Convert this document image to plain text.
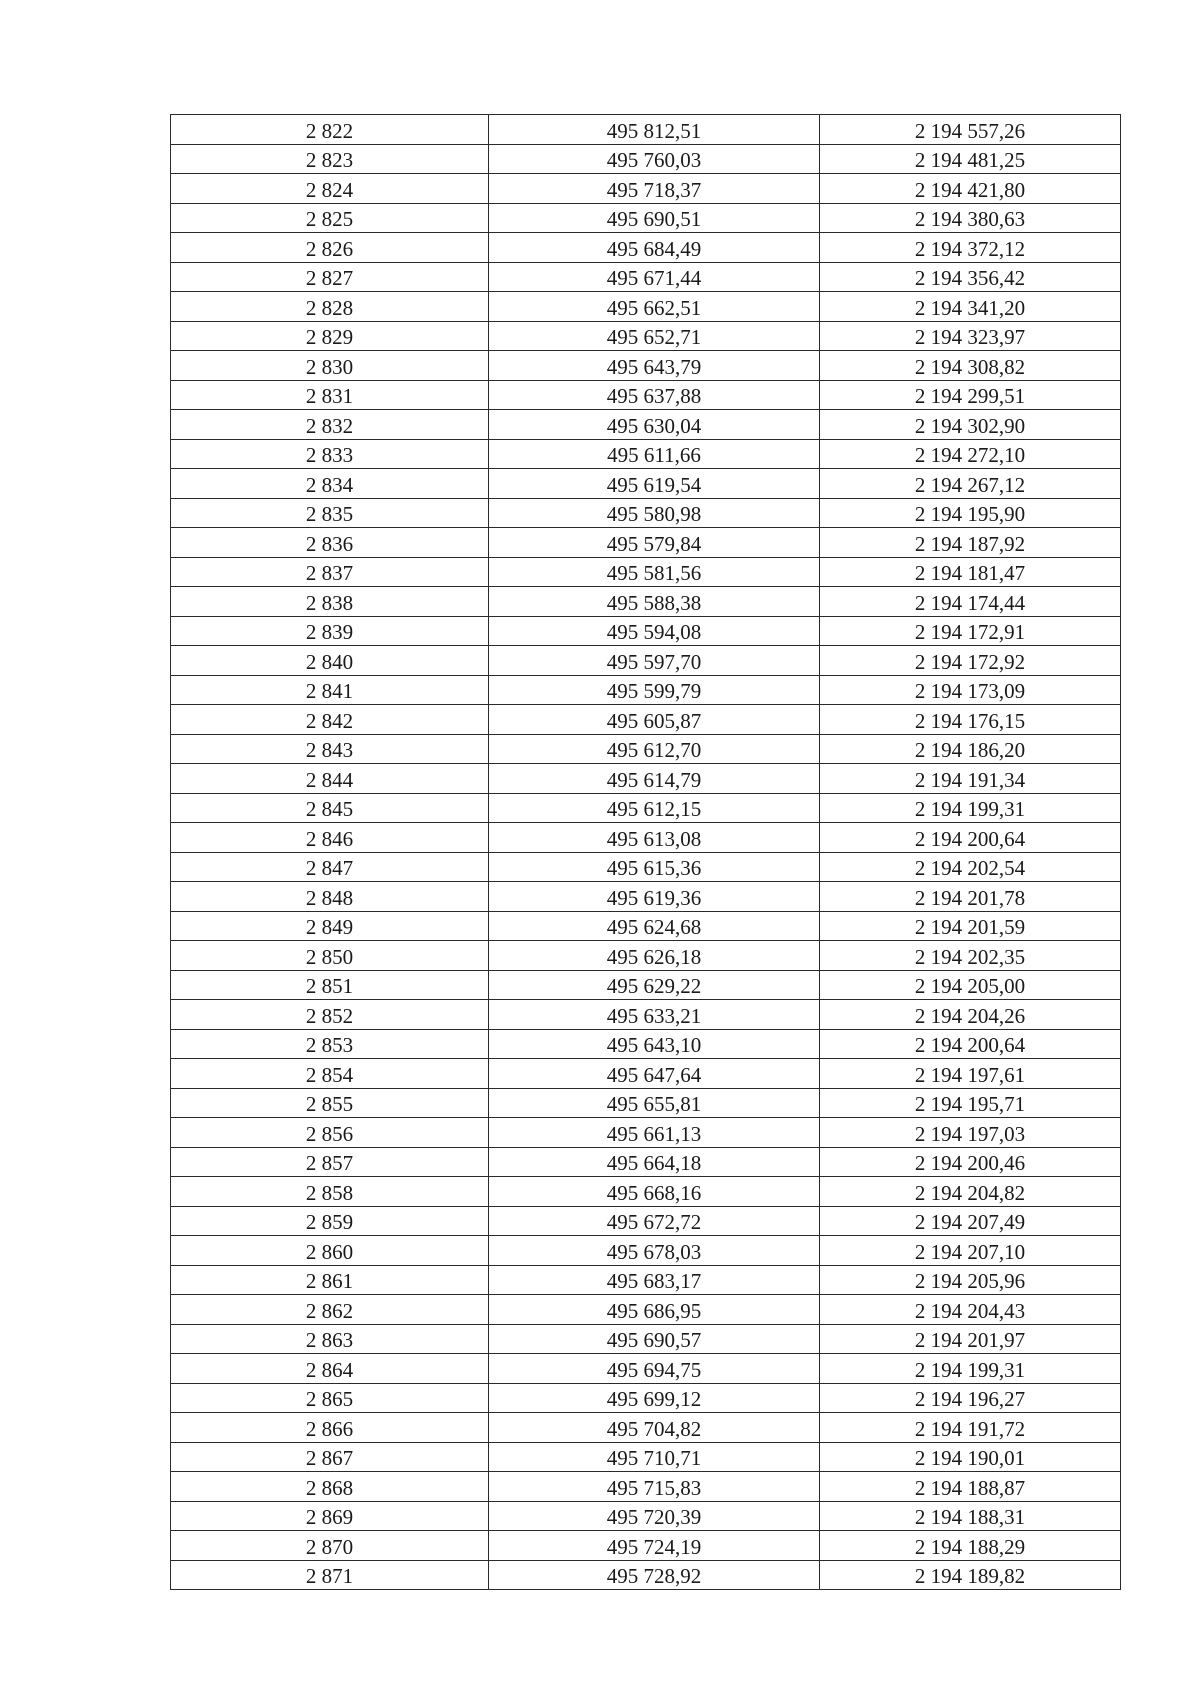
2 822	495 812,51	2 194 557,26
2 823	495 760,03	2 194 481,25
2 824	495 718,37	2 194 421,80
2 825	495 690,51	2 194 380,63
2 826	495 684,49	2 194 372,12
2 827	495 671,44	2 194 356,42
2 828	495 662,51	2 194 341,20
2 829	495 652,71	2 194 323,97
2 830	495 643,79	2 194 308,82
2 831	495 637,88	2 194 299,51
2 832	495 630,04	2 194 302,90
2 833	495 611,66	2 194 272,10
2 834	495 619,54	2 194 267,12
2 835	495 580,98	2 194 195,90
2 836	495 579,84	2 194 187,92
2 837	495 581,56	2 194 181,47
2 838	495 588,38	2 194 174,44
2 839	495 594,08	2 194 172,91
2 840	495 597,70	2 194 172,92
2 841	495 599,79	2 194 173,09
2 842	495 605,87	2 194 176,15
2 843	495 612,70	2 194 186,20
2 844	495 614,79	2 194 191,34
2 845	495 612,15	2 194 199,31
2 846	495 613,08	2 194 200,64
2 847	495 615,36	2 194 202,54
2 848	495 619,36	2 194 201,78
2 849	495 624,68	2 194 201,59
2 850	495 626,18	2 194 202,35
2 851	495 629,22	2 194 205,00
2 852	495 633,21	2 194 204,26
2 853	495 643,10	2 194 200,64
2 854	495 647,64	2 194 197,61
2 855	495 655,81	2 194 195,71
2 856	495 661,13	2 194 197,03
2 857	495 664,18	2 194 200,46
2 858	495 668,16	2 194 204,82
2 859	495 672,72	2 194 207,49
2 860	495 678,03	2 194 207,10
2 861	495 683,17	2 194 205,96
2 862	495 686,95	2 194 204,43
2 863	495 690,57	2 194 201,97
2 864	495 694,75	2 194 199,31
2 865	495 699,12	2 194 196,27
2 866	495 704,82	2 194 191,72
2 867	495 710,71	2 194 190,01
2 868	495 715,83	2 194 188,87
2 869	495 720,39	2 194 188,31
2 870	495 724,19	2 194 188,29
2 871	495 728,92	2 194 189,82
